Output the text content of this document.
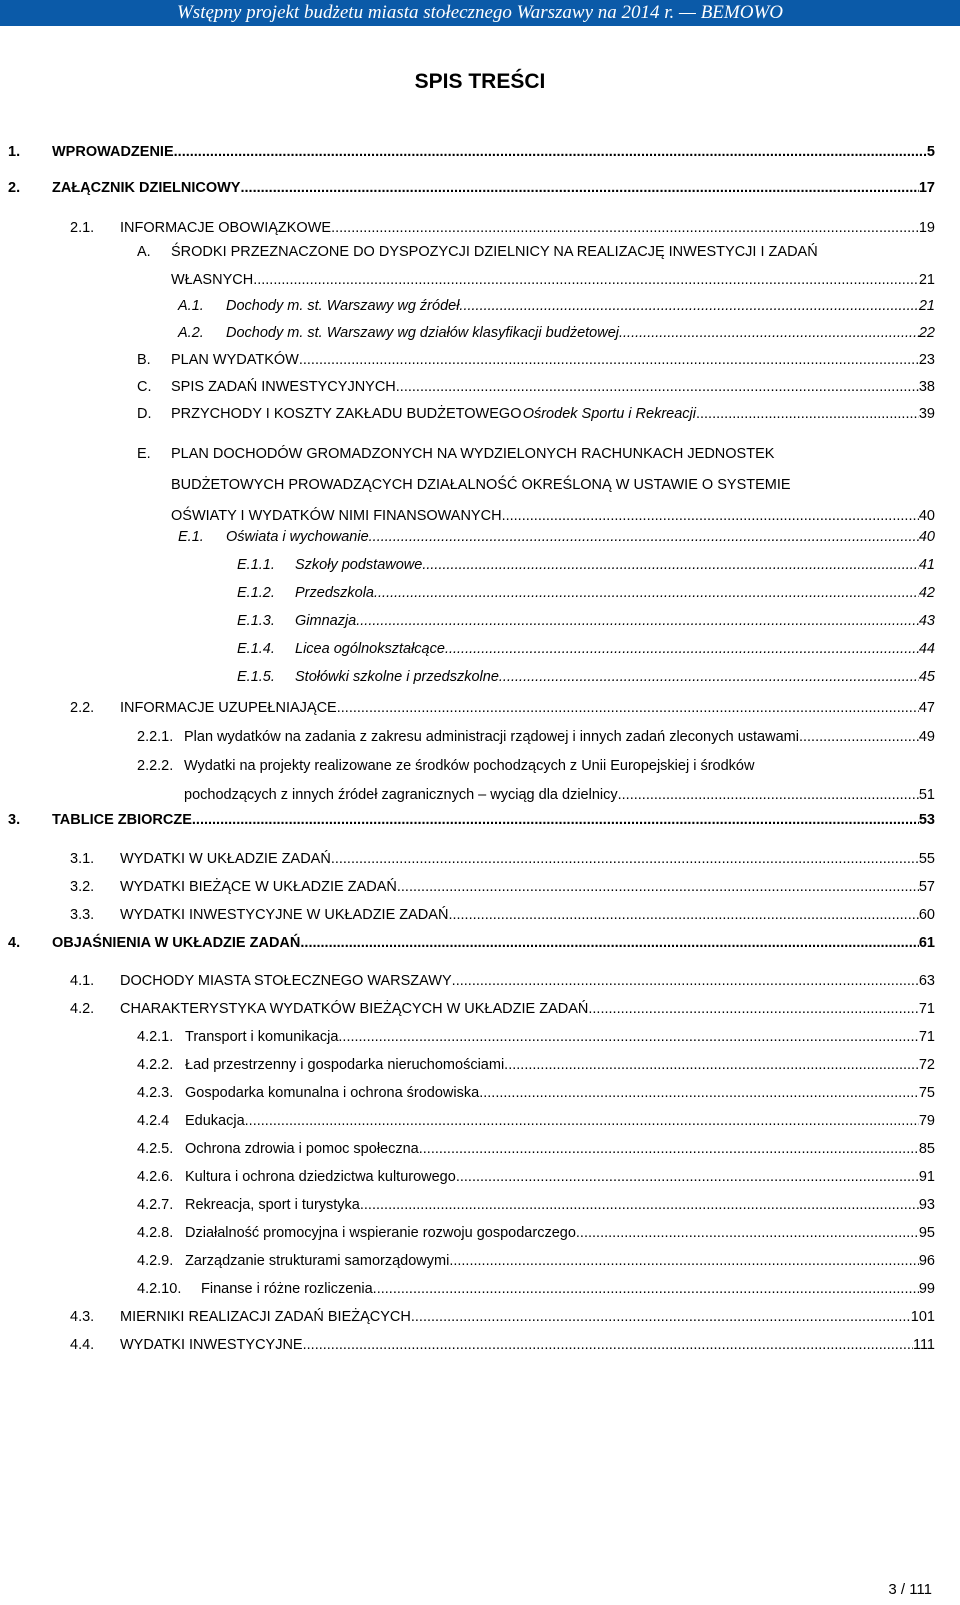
Wstępny projekt budżetu miasta stołecznego Warszawy na 2014 r. — BEMOWO
SPIS TREŚCI
1.	WPROWADZENIE .....	5
2.	ZAŁĄCZNIK DZIELNICOWY .....	17
2.1.	INFORMACJE OBOWIĄZKOWE .....	19
A.	ŚRODKI PRZEZNACZONE DO DYSPOZYCJI DZIELNICY NA REALIZACJĘ INWESTYCJI I ZADAŃ
WŁASNYCH .....	21
A.1.	Dochody m. st. Warszawy wg źródeł .....	21
A.2.	Dochody m. st. Warszawy wg działów klasyfikacji budżetowej .....	22
B.	PLAN WYDATKÓW .....	23
C.	SPIS ZADAŃ INWESTYCYJNYCH .....	38
D.	PRZYCHODY I KOSZTY ZAKŁADU BUDŻETOWEGO Ośrodek Sportu i Rekreacji .....	39
E.	PLAN DOCHODÓW GROMADZONYCH NA WYDZIELONYCH RACHUNKACH JEDNOSTEK
BUDŻETOWYCH PROWADZĄCYCH DZIAŁALNOŚĆ OKREŚLONĄ W USTAWIE O SYSTEMIE
OŚWIATY I WYDATKÓW NIMI FINANSOWANYCH .....	40
E.1.	Oświata i wychowanie .....	40
E.1.1.	Szkoły podstawowe .....	41
E.1.2.	Przedszkola .....	42
E.1.3.	Gimnazja .....	43
E.1.4.	Licea ogólnokształcące .....	44
E.1.5.	Stołówki szkolne i przedszkolne .....	45
2.2.	INFORMACJE UZUPEŁNIAJĄCE .....	47
2.2.1. Plan wydatków na zadania z zakresu administracji rządowej i innych zadań zleconych ustawami .....	49
2.2.2. Wydatki na projekty realizowane ze środków pochodzących z Unii Europejskiej i środków
pochodzących z innych źródeł zagranicznych – wyciąg dla dzielnicy .....	51
3.	TABLICE ZBIORCZE .....	53
3.1.	WYDATKI W UKŁADZIE ZADAŃ .....	55
3.2.	WYDATKI BIEŻĄCE W UKŁADZIE ZADAŃ .....	57
3.3.	WYDATKI INWESTYCYJNE W UKŁADZIE ZADAŃ .....	60
4.	OBJAŚNIENIA W UKŁADZIE ZADAŃ .....	61
4.1.	DOCHODY MIASTA STOŁECZNEGO WARSZAWY .....	63
4.2.	CHARAKTERYSTYKA WYDATKÓW BIEŻĄCYCH W UKŁADZIE ZADAŃ .....	71
4.2.1. Transport i komunikacja .....	71
4.2.2. Ład przestrzenny i gospodarka nieruchomościami .....	72
4.2.3. Gospodarka komunalna i ochrona środowiska .....	75
4.2.4	Edukacja .....	79
4.2.5. Ochrona zdrowia i pomoc społeczna .....	85
4.2.6. Kultura i ochrona dziedzictwa kulturowego .....	91
4.2.7. Rekreacja, sport i turystyka .....	93
4.2.8. Działalność promocyjna i wspieranie rozwoju gospodarczego .....	95
4.2.9. Zarządzanie strukturami samorządowymi .....	96
4.2.10.	Finanse i różne rozliczenia .....	99
4.3.	MIERNIKI REALIZACJI ZADAŃ BIEŻĄCYCH .....	101
4.4.	WYDATKI INWESTYCYJNE .....	111
3 / 111
